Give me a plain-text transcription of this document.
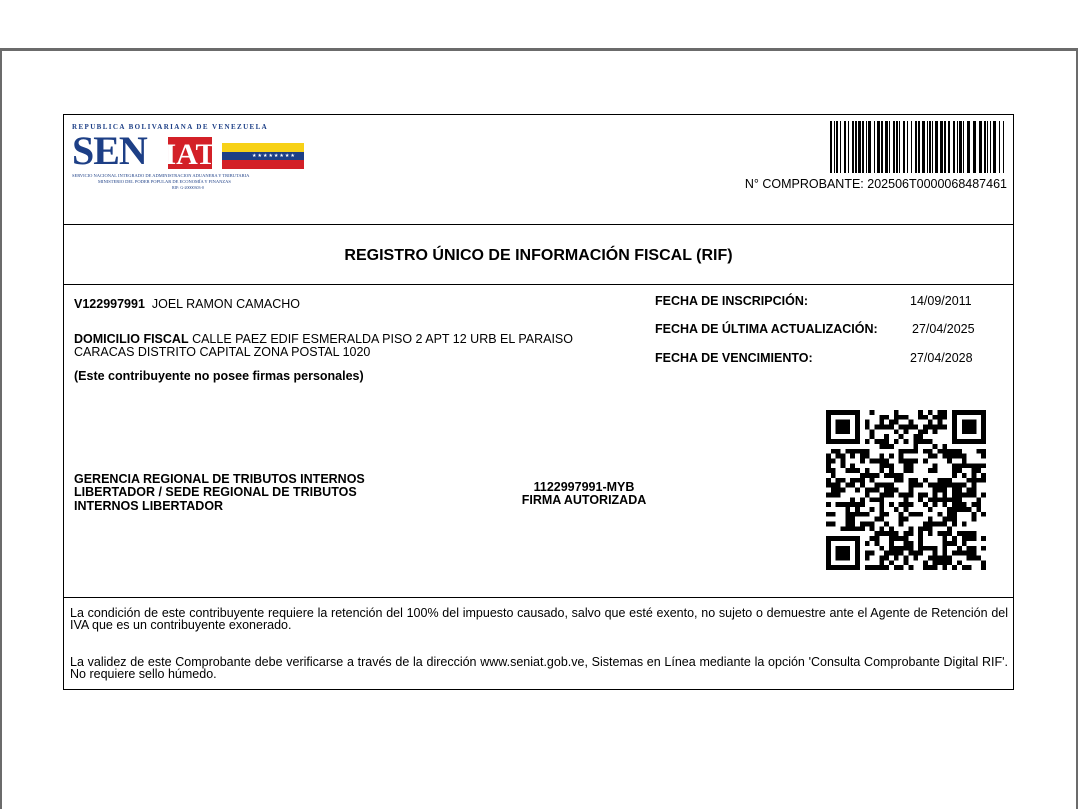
REPUBLICA BOLIVARIANA DE VENEZUELA
SEN IAT	★★★★★★★★
SERVICIO NACIONAL INTEGRADO DE ADMINISTRACION ADUANERA Y TRIBUTARIA
MINISTERIO DEL PODER POPULAR DE ECONOMÍA Y FINANZAS
RIF: G-20000303-0	N° COMPROBANTE: 202506T0000068487461
REGISTRO ÚNICO DE INFORMACIÓN FISCAL (RIF)
V122997991 JOEL RAMON CAMACHO
DOMICILIO FISCAL CALLE PAEZ EDIF ESMERALDA PISO 2 APT 12 URB EL PARAISO
CARACAS DISTRITO CAPITAL ZONA POSTAL 1020
(Este contribuyente no posee firmas personales)
FECHA DE INSCRIPCIÓN:	14/09/2011
FECHA DE ÚLTIMA ACTUALIZACIÓN:	27/04/2025
FECHA DE VENCIMIENTO:	27/04/2028
GERENCIA REGIONAL DE TRIBUTOS INTERNOS
LIBERTADOR / SEDE REGIONAL DE TRIBUTOS
INTERNOS LIBERTADOR
1122997991-MYB
FIRMA AUTORIZADA
La condición de este contribuyente requiere la retención del 100% del impuesto causado, salvo que esté exento, no sujeto o demuestre ante el Agente de Retención del IVA que es un contribuyente exonerado.
La validez de este Comprobante debe verificarse a través de la dirección www.seniat.gob.ve, Sistemas en Línea mediante la opción 'Consulta Comprobante Digital RIF'. No requiere sello húmedo.
